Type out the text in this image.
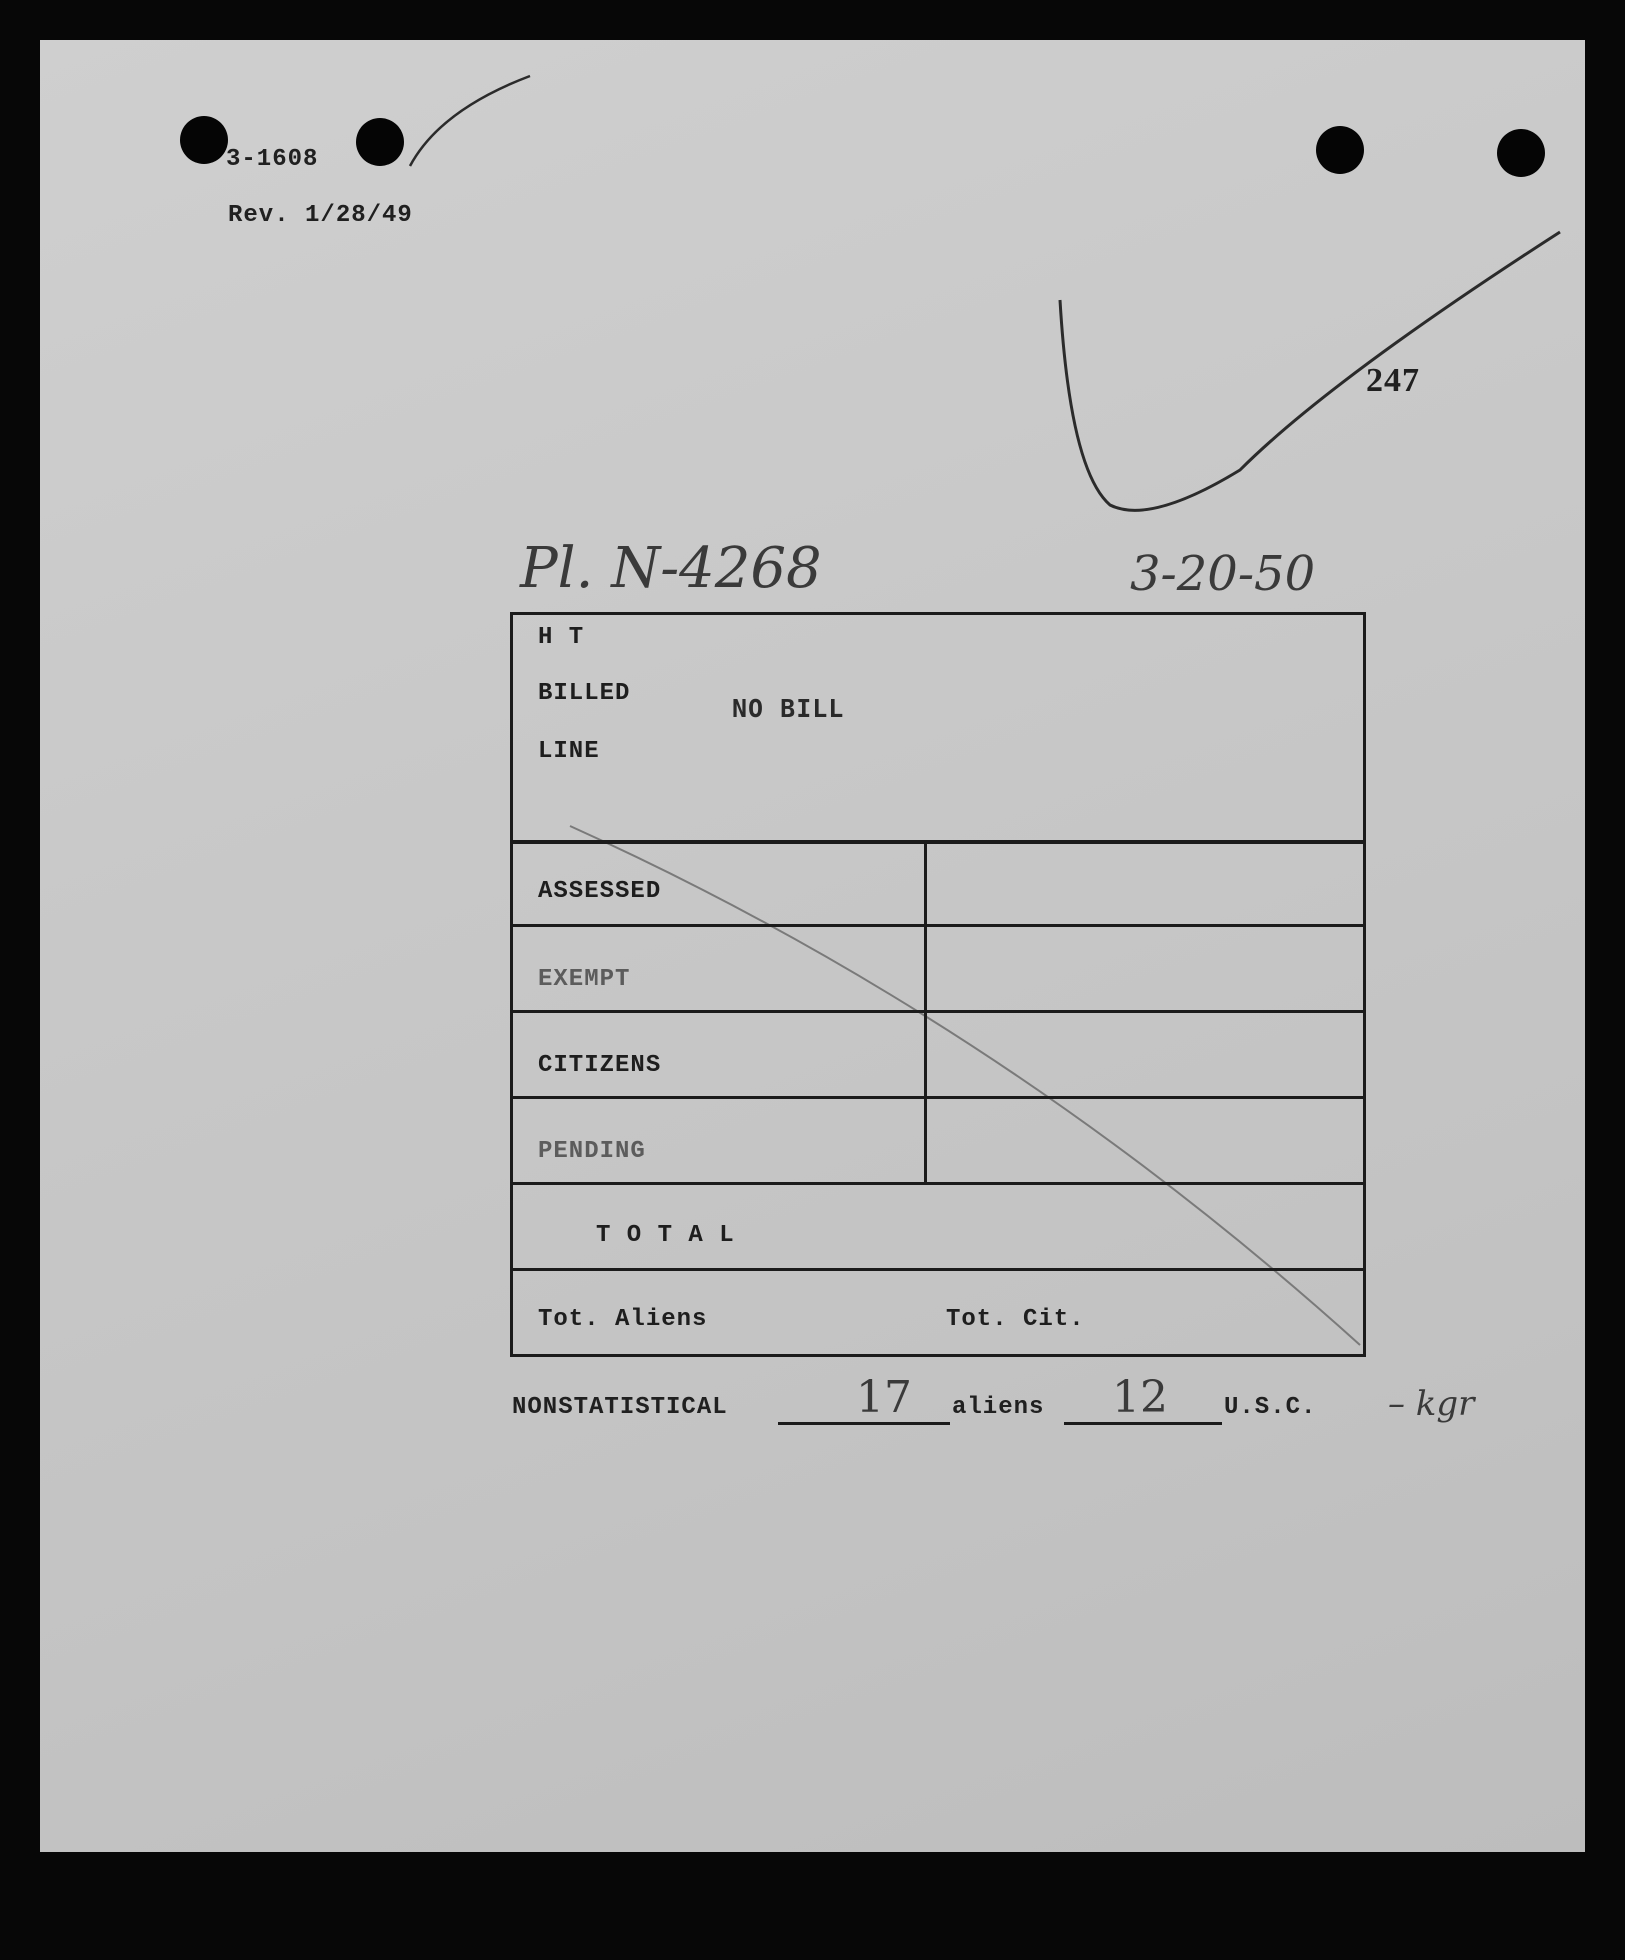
3-1608
Rev. 1/28/49
247
Pl. N-4268	3-20-50
– kgr
H T
BILLED
LINE
NO BILL
ASSESSED
EXEMPT
CITIZENS
PENDING
T O T A L
Tot. Aliens	Tot. Cit.
NONSTATISTICAL	17 aliens 12 U.S.C.
